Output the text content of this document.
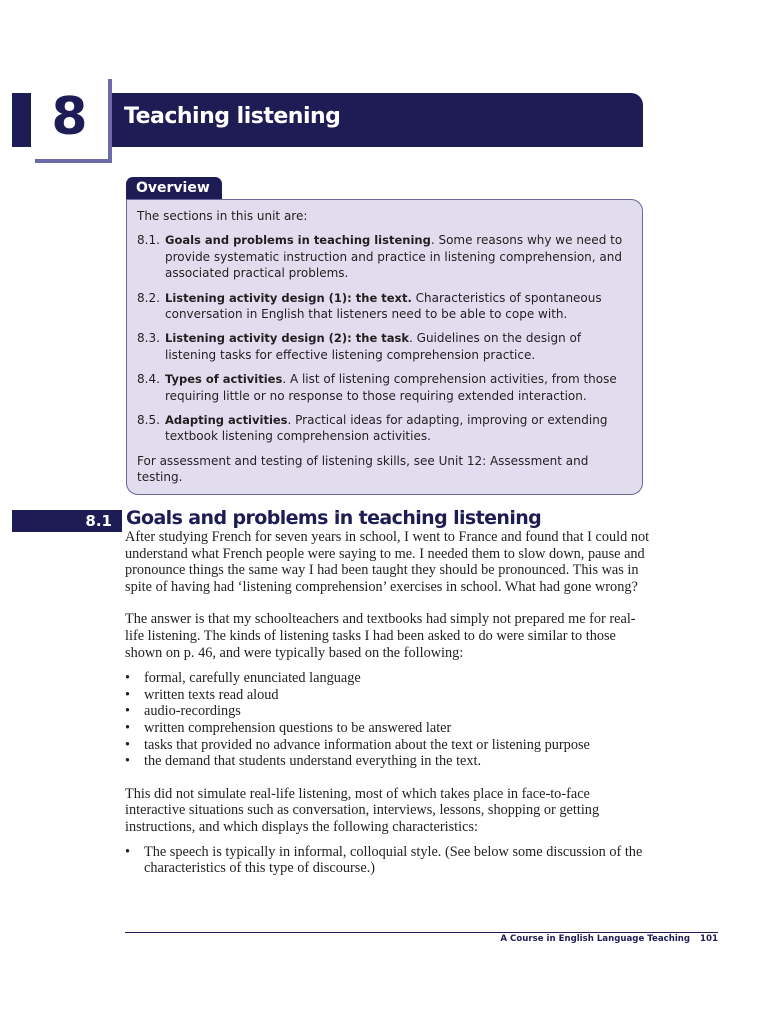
8	Teaching listening
Overview

The sections in this unit are:

8.1. Goals and problems in teaching listening. Some reasons why we need to provide systematic instruction and practice in listening comprehension, and associated practical problems.
8.2. Listening activity design (1): the text. Characteristics of spontaneous conversation in English that listeners need to be able to cope with.
8.3. Listening activity design (2): the task. Guidelines on the design of listening tasks for effective listening comprehension practice.
8.4. Types of activities. A list of listening comprehension activities, from those requiring little or no response to those requiring extended interaction.
8.5. Adapting activities. Practical ideas for adapting, improving or extending textbook listening comprehension activities.

For assessment and testing of listening skills, see Unit 12: Assessment and testing.

8.1 Goals and problems in teaching listening

After studying French for seven years in school, I went to France and found that I could not understand what French people were saying to me. I needed them to slow down, pause and pronounce things the same way I had been taught they should be pronounced. This was in spite of having had ‘listening comprehension’ exercises in school. What had gone wrong?

The answer is that my schoolteachers and textbooks had simply not prepared me for real-life listening. The kinds of listening tasks I had been asked to do were similar to those shown on p. 46, and were typically based on the following:

• formal, carefully enunciated language
• written texts read aloud
• audio-recordings
• written comprehension questions to be answered later
• tasks that provided no advance information about the text or listening purpose
• the demand that students understand everything in the text.

This did not simulate real-life listening, most of which takes place in face-to-face interactive situations such as conversation, interviews, lessons, shopping or getting instructions, and which displays the following characteristics:

• The speech is typically in informal, colloquial style. (See below some discussion of the characteristics of this type of discourse.)
A Course in English Language Teaching 101
